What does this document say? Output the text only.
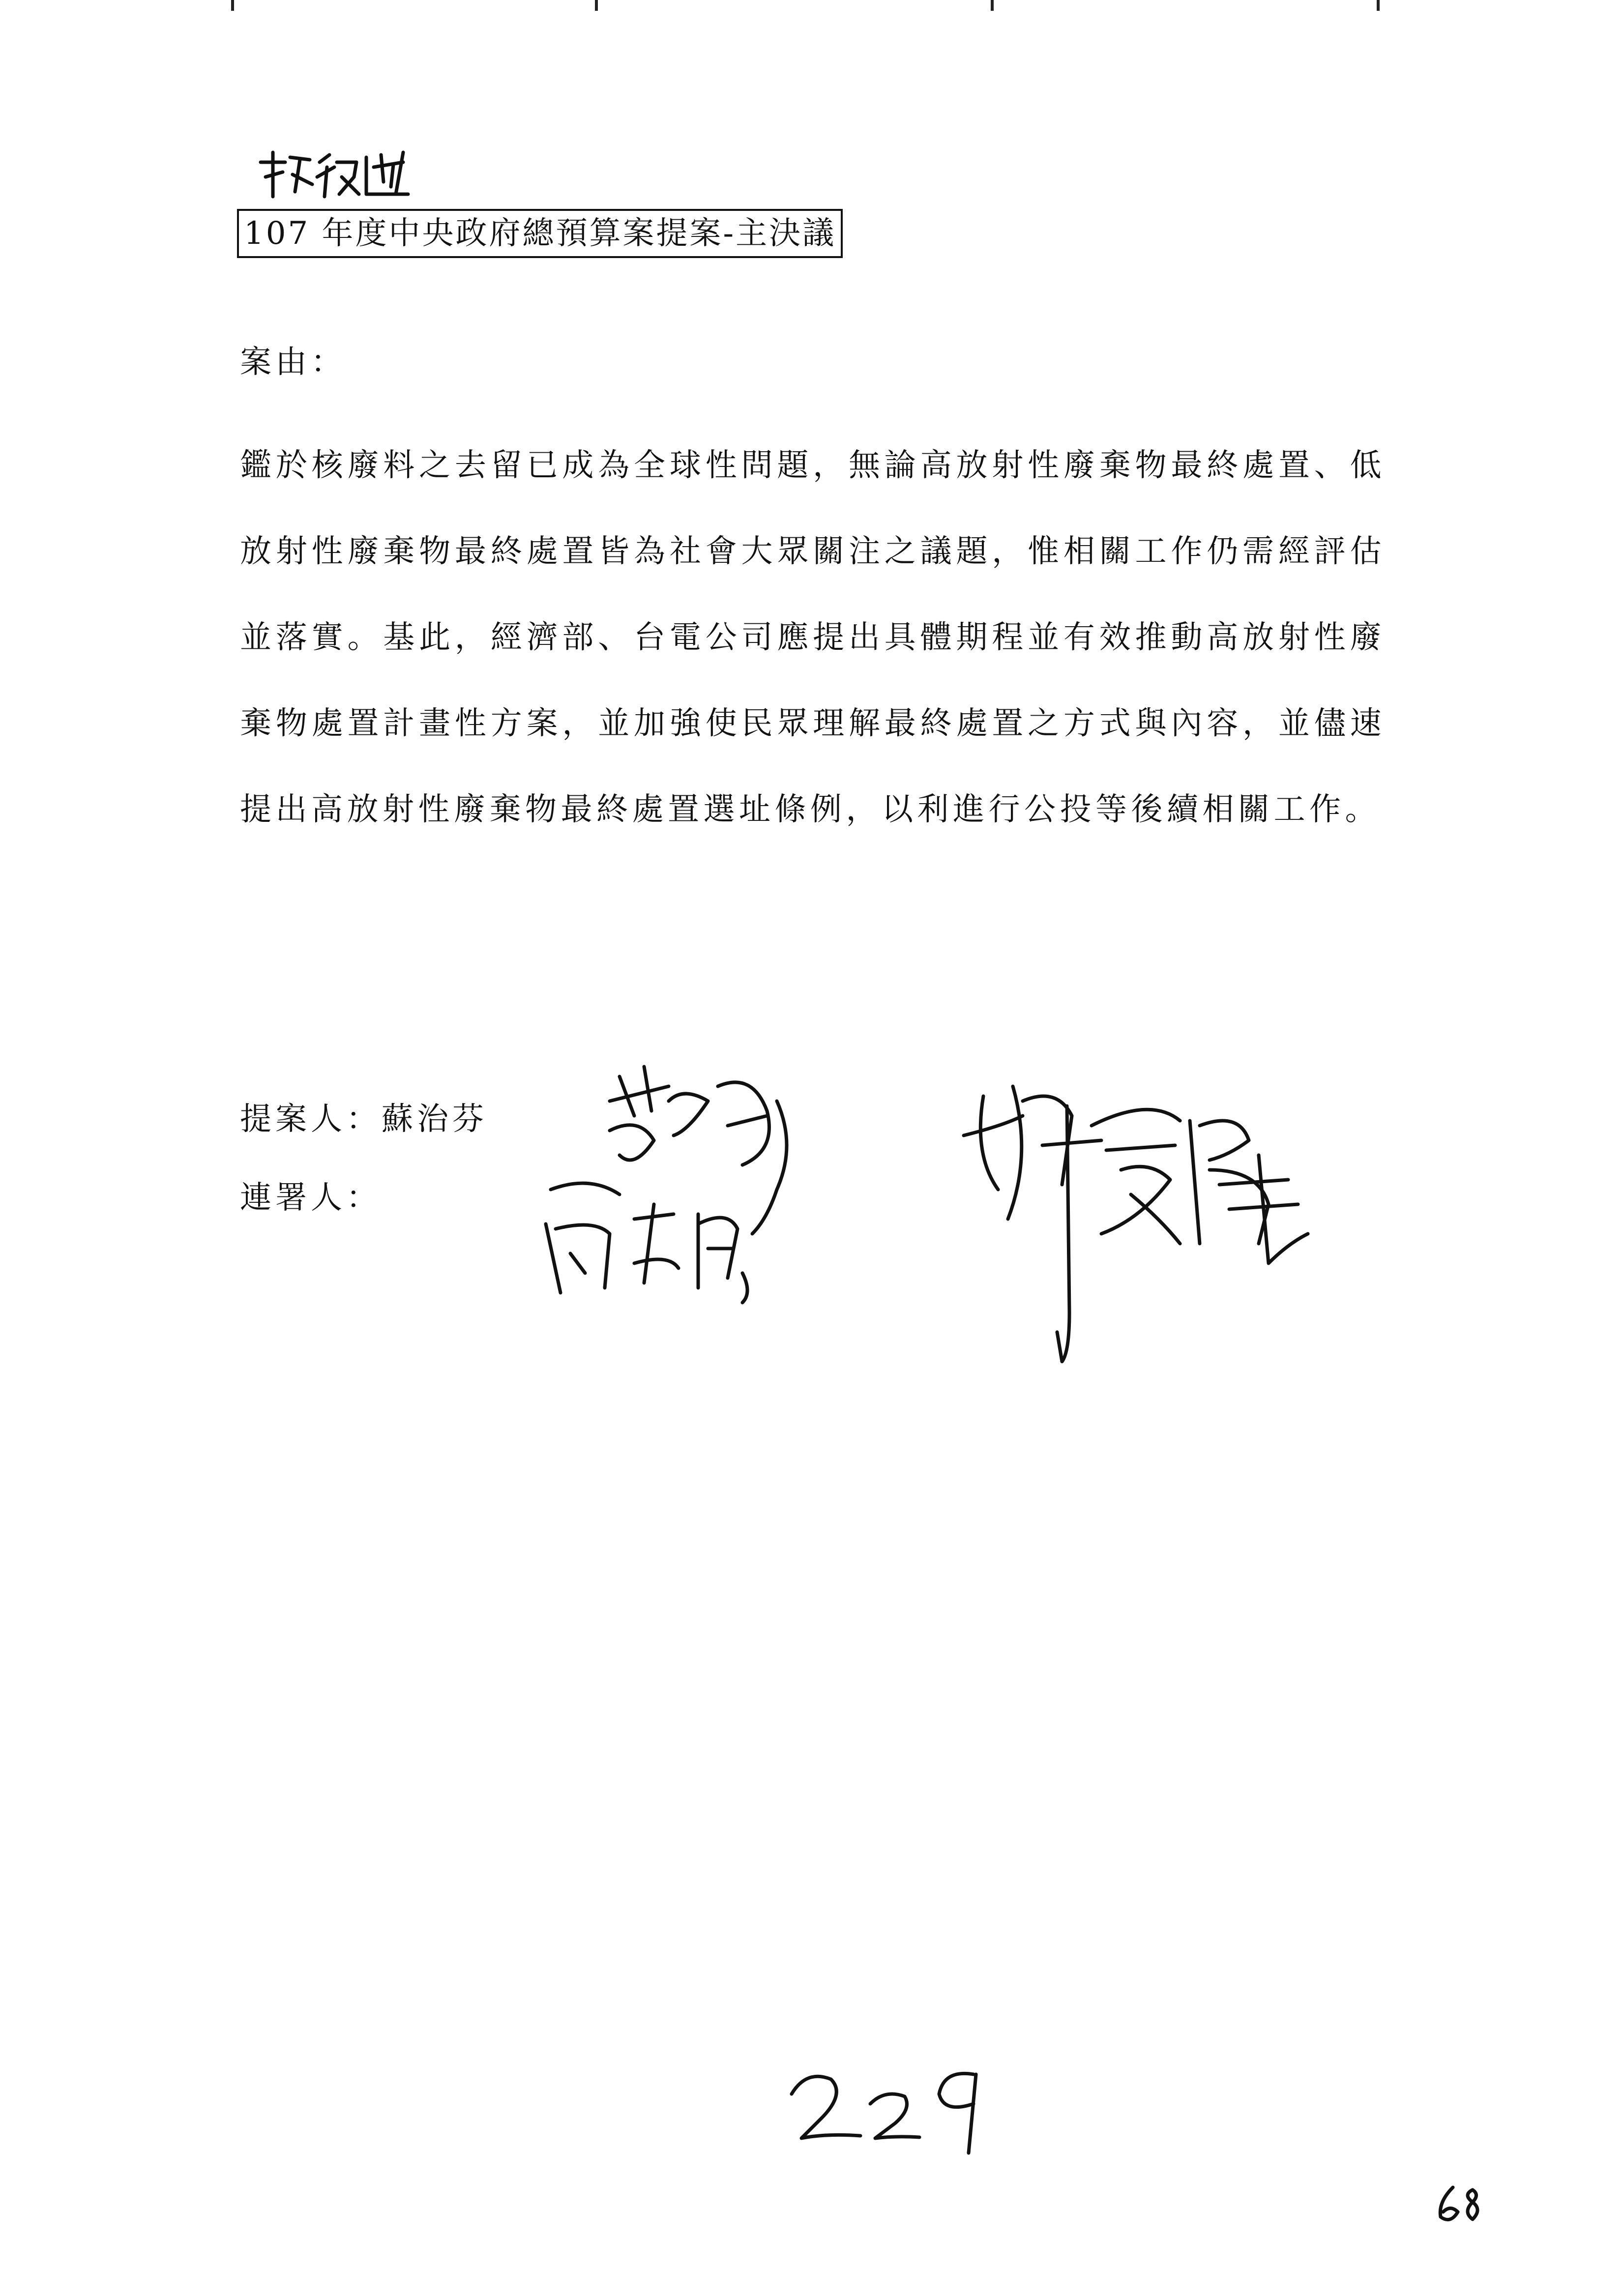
107 年度中央政府總預算案提案-主決議
案由：
鑑於核廢料之去留已成為全球性問題，無論高放射性廢棄物最終處置、低放射性廢棄物最終處置皆為社會大眾關注之議題，惟相關工作仍需經評估並落實。基此，經濟部、台電公司應提出具體期程並有效推動高放射性廢棄物處置計畫性方案，並加強使民眾理解最終處置之方式與內容，並儘速提出高放射性廢棄物最終處置選址條例，以利進行公投等後續相關工作。
提案人：蘇治芬
連署人：
